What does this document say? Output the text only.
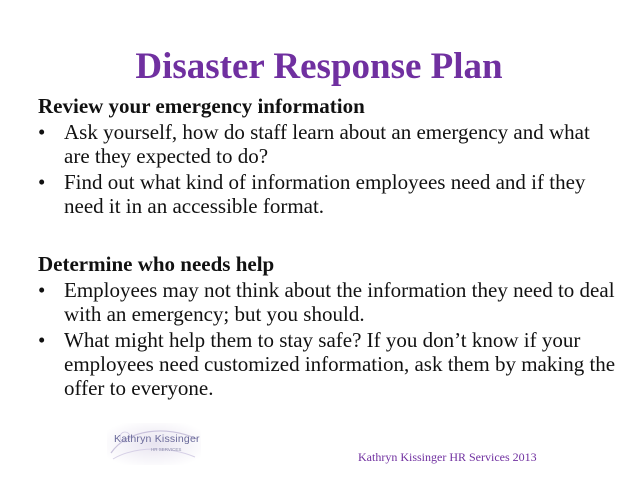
Disaster Response Plan
Review your emergency information
• Ask yourself, how do staff learn about an emergency and what are they expected to do?
• Find out what kind of information employees need and if they need it in an accessible format.
Determine who needs help
• Employees may not think about the information they need to deal with an emergency; but you should.
• What might help them to stay safe? If you don’t know if your employees need customized information, ask them by making the offer to everyone.
Kathryn Kissinger
HR SERVICES
Kathryn Kissinger HR Services 2013
